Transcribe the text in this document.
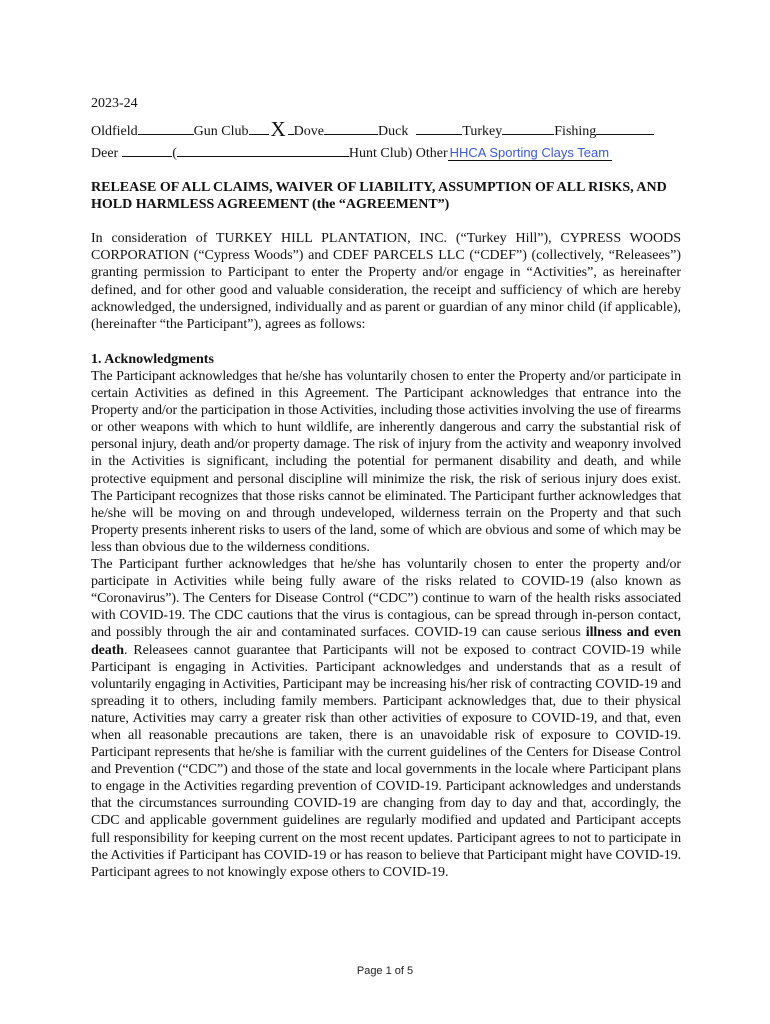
2023-24
Oldfield	Gun Club X Dove	Duck	Turkey	Fishing
Deer	(	Hunt Club) Other HHCA Sporting Clays Team
RELEASE OF ALL CLAIMS, WAIVER OF LIABILITY, ASSUMPTION OF ALL RISKS, AND HOLD HARMLESS AGREEMENT (the “AGREEMENT”)
In consideration of TURKEY HILL PLANTATION, INC. (“Turkey Hill”), CYPRESS WOODS CORPORATION (“Cypress Woods”) and CDEF PARCELS LLC (“CDEF”) (collectively, “Releasees”) granting permission to Participant to enter the Property and/or engage in “Activities”, as hereinafter defined, and for other good and valuable consideration, the receipt and sufficiency of which are hereby acknowledged, the undersigned, individually and as parent or guardian of any minor child (if applicable), (hereinafter “the Participant”), agrees as follows:
1. Acknowledgments

The Participant acknowledges that he/she has voluntarily chosen to enter the Property and/or participate in certain Activities as defined in this Agreement. The Participant acknowledges that entrance into the Property and/or the participation in those Activities, including those activities involving the use of firearms or other weapons with which to hunt wildlife, are inherently dangerous and carry the substantial risk of personal injury, death and/or property damage. The risk of injury from the activity and weaponry involved in the Activities is significant, including the potential for permanent disability and death, and while protective equipment and personal discipline will minimize the risk, the risk of serious injury does exist. The Participant recognizes that those risks cannot be eliminated. The Participant further acknowledges that he/she will be moving on and through undeveloped, wilderness terrain on the Property and that such Property presents inherent risks to users of the land, some of which are obvious and some of which may be less than obvious due to the wilderness conditions.

The Participant further acknowledges that he/she has voluntarily chosen to enter the property and/or participate in Activities while being fully aware of the risks related to COVID-19 (also known as “Coronavirus”). The Centers for Disease Control (“CDC”) continue to warn of the health risks associated with COVID-19. The CDC cautions that the virus is contagious, can be spread through in-person contact, and possibly through the air and contaminated surfaces. COVID-19 can cause serious illness and even death. Releasees cannot guarantee that Participants will not be exposed to contract COVID-19 while Participant is engaging in Activities. Participant acknowledges and understands that as a result of voluntarily engaging in Activities, Participant may be increasing his/her risk of contracting COVID-19 and spreading it to others, including family members. Participant acknowledges that, due to their physical nature, Activities may carry a greater risk than other activities of exposure to COVID-19, and that, even when all reasonable precautions are taken, there is an unavoidable risk of exposure to COVID-19. Participant represents that he/she is familiar with the current guidelines of the Centers for Disease Control and Prevention (“CDC”) and those of the state and local governments in the locale where Participant plans to engage in the Activities regarding prevention of COVID-19. Participant acknowledges and understands that the circumstances surrounding COVID-19 are changing from day to day and that, accordingly, the CDC and applicable government guidelines are regularly modified and updated and Participant accepts full responsibility for keeping current on the most recent updates. Participant agrees to not to participate in the Activities if Participant has COVID-19 or has reason to believe that Participant might have COVID-19. Participant agrees to not knowingly expose others to COVID-19.

Page 1 of 5
